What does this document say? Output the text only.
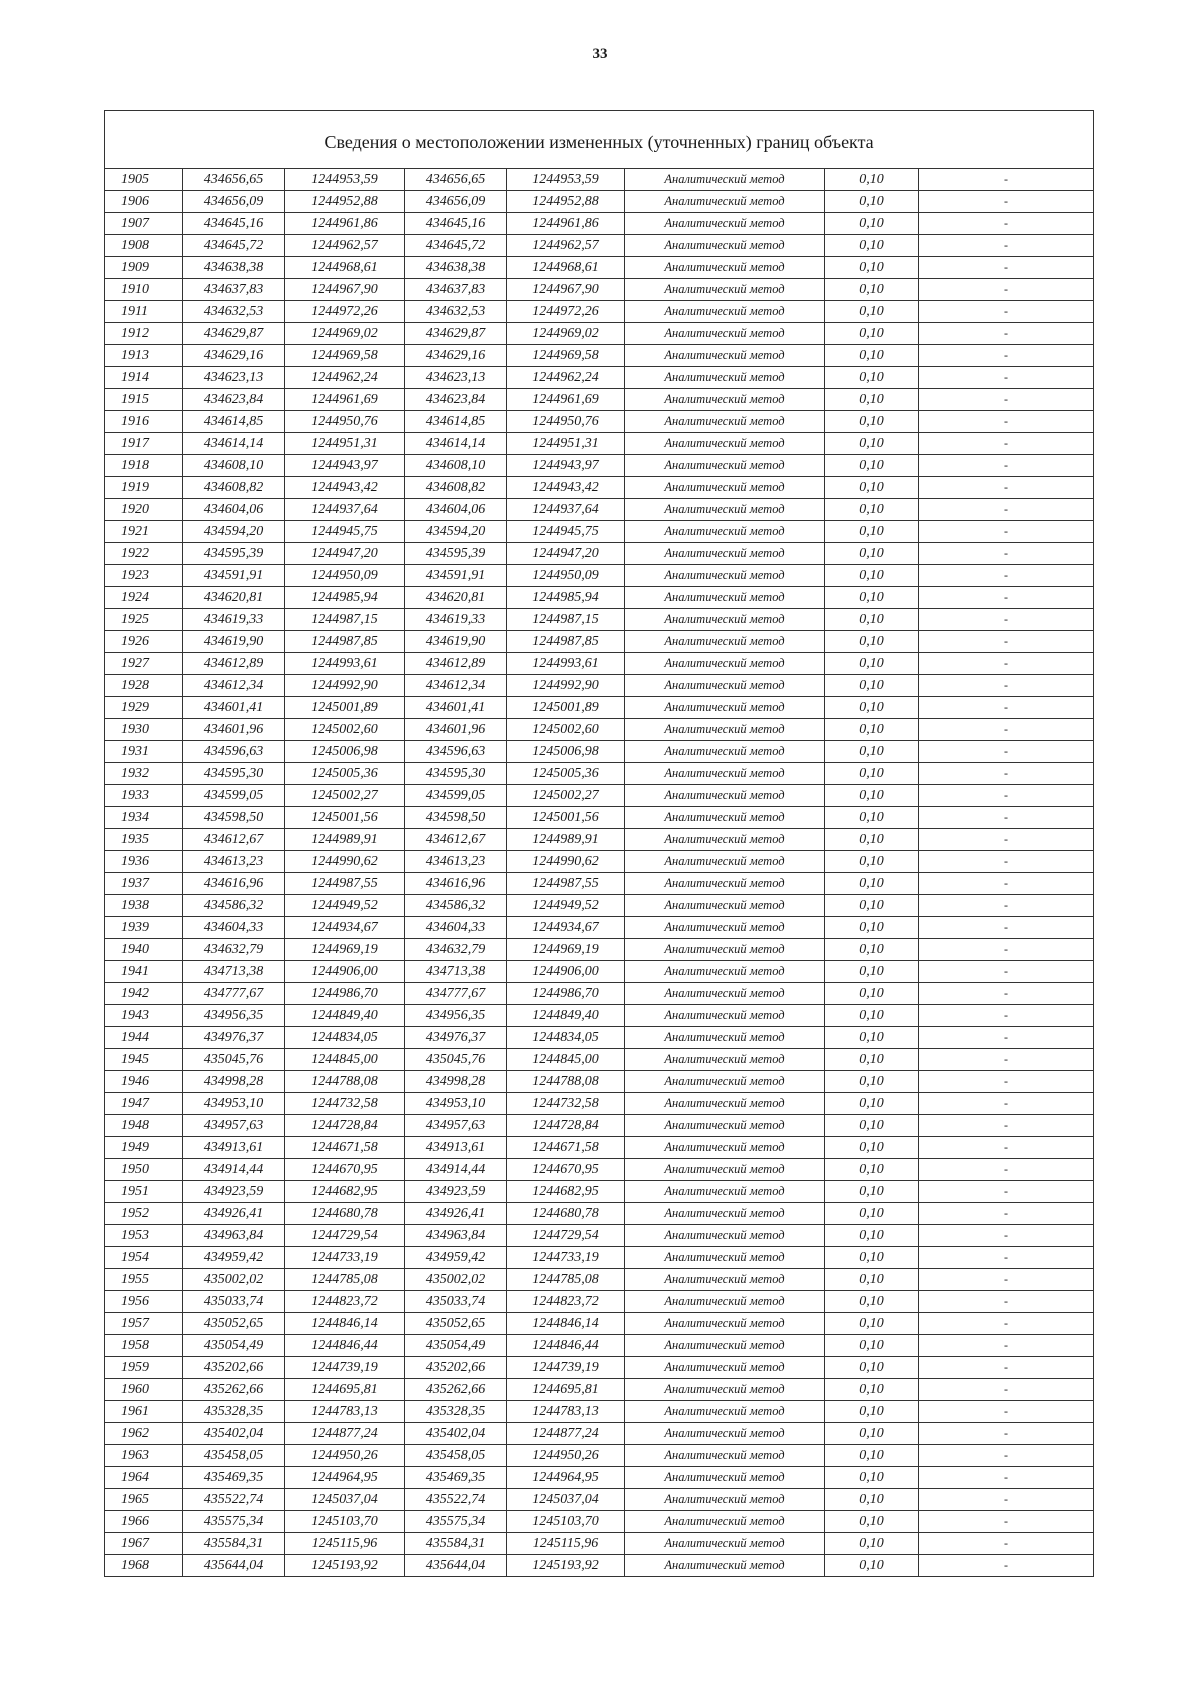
33
Сведения о местоположении измененных (уточненных) границ объекта							
1905	434656,65	1244953,59	434656,65	1244953,59	Аналитический метод	0,10	-
1906	434656,09	1244952,88	434656,09	1244952,88	Аналитический метод	0,10	-
1907	434645,16	1244961,86	434645,16	1244961,86	Аналитический метод	0,10	-
1908	434645,72	1244962,57	434645,72	1244962,57	Аналитический метод	0,10	-
1909	434638,38	1244968,61	434638,38	1244968,61	Аналитический метод	0,10	-
1910	434637,83	1244967,90	434637,83	1244967,90	Аналитический метод	0,10	-
1911	434632,53	1244972,26	434632,53	1244972,26	Аналитический метод	0,10	-
1912	434629,87	1244969,02	434629,87	1244969,02	Аналитический метод	0,10	-
1913	434629,16	1244969,58	434629,16	1244969,58	Аналитический метод	0,10	-
1914	434623,13	1244962,24	434623,13	1244962,24	Аналитический метод	0,10	-
1915	434623,84	1244961,69	434623,84	1244961,69	Аналитический метод	0,10	-
1916	434614,85	1244950,76	434614,85	1244950,76	Аналитический метод	0,10	-
1917	434614,14	1244951,31	434614,14	1244951,31	Аналитический метод	0,10	-
1918	434608,10	1244943,97	434608,10	1244943,97	Аналитический метод	0,10	-
1919	434608,82	1244943,42	434608,82	1244943,42	Аналитический метод	0,10	-
1920	434604,06	1244937,64	434604,06	1244937,64	Аналитический метод	0,10	-
1921	434594,20	1244945,75	434594,20	1244945,75	Аналитический метод	0,10	-
1922	434595,39	1244947,20	434595,39	1244947,20	Аналитический метод	0,10	-
1923	434591,91	1244950,09	434591,91	1244950,09	Аналитический метод	0,10	-
1924	434620,81	1244985,94	434620,81	1244985,94	Аналитический метод	0,10	-
1925	434619,33	1244987,15	434619,33	1244987,15	Аналитический метод	0,10	-
1926	434619,90	1244987,85	434619,90	1244987,85	Аналитический метод	0,10	-
1927	434612,89	1244993,61	434612,89	1244993,61	Аналитический метод	0,10	-
1928	434612,34	1244992,90	434612,34	1244992,90	Аналитический метод	0,10	-
1929	434601,41	1245001,89	434601,41	1245001,89	Аналитический метод	0,10	-
1930	434601,96	1245002,60	434601,96	1245002,60	Аналитический метод	0,10	-
1931	434596,63	1245006,98	434596,63	1245006,98	Аналитический метод	0,10	-
1932	434595,30	1245005,36	434595,30	1245005,36	Аналитический метод	0,10	-
1933	434599,05	1245002,27	434599,05	1245002,27	Аналитический метод	0,10	-
1934	434598,50	1245001,56	434598,50	1245001,56	Аналитический метод	0,10	-
1935	434612,67	1244989,91	434612,67	1244989,91	Аналитический метод	0,10	-
1936	434613,23	1244990,62	434613,23	1244990,62	Аналитический метод	0,10	-
1937	434616,96	1244987,55	434616,96	1244987,55	Аналитический метод	0,10	-
1938	434586,32	1244949,52	434586,32	1244949,52	Аналитический метод	0,10	-
1939	434604,33	1244934,67	434604,33	1244934,67	Аналитический метод	0,10	-
1940	434632,79	1244969,19	434632,79	1244969,19	Аналитический метод	0,10	-
1941	434713,38	1244906,00	434713,38	1244906,00	Аналитический метод	0,10	-
1942	434777,67	1244986,70	434777,67	1244986,70	Аналитический метод	0,10	-
1943	434956,35	1244849,40	434956,35	1244849,40	Аналитический метод	0,10	-
1944	434976,37	1244834,05	434976,37	1244834,05	Аналитический метод	0,10	-
1945	435045,76	1244845,00	435045,76	1244845,00	Аналитический метод	0,10	-
1946	434998,28	1244788,08	434998,28	1244788,08	Аналитический метод	0,10	-
1947	434953,10	1244732,58	434953,10	1244732,58	Аналитический метод	0,10	-
1948	434957,63	1244728,84	434957,63	1244728,84	Аналитический метод	0,10	-
1949	434913,61	1244671,58	434913,61	1244671,58	Аналитический метод	0,10	-
1950	434914,44	1244670,95	434914,44	1244670,95	Аналитический метод	0,10	-
1951	434923,59	1244682,95	434923,59	1244682,95	Аналитический метод	0,10	-
1952	434926,41	1244680,78	434926,41	1244680,78	Аналитический метод	0,10	-
1953	434963,84	1244729,54	434963,84	1244729,54	Аналитический метод	0,10	-
1954	434959,42	1244733,19	434959,42	1244733,19	Аналитический метод	0,10	-
1955	435002,02	1244785,08	435002,02	1244785,08	Аналитический метод	0,10	-
1956	435033,74	1244823,72	435033,74	1244823,72	Аналитический метод	0,10	-
1957	435052,65	1244846,14	435052,65	1244846,14	Аналитический метод	0,10	-
1958	435054,49	1244846,44	435054,49	1244846,44	Аналитический метод	0,10	-
1959	435202,66	1244739,19	435202,66	1244739,19	Аналитический метод	0,10	-
1960	435262,66	1244695,81	435262,66	1244695,81	Аналитический метод	0,10	-
1961	435328,35	1244783,13	435328,35	1244783,13	Аналитический метод	0,10	-
1962	435402,04	1244877,24	435402,04	1244877,24	Аналитический метод	0,10	-
1963	435458,05	1244950,26	435458,05	1244950,26	Аналитический метод	0,10	-
1964	435469,35	1244964,95	435469,35	1244964,95	Аналитический метод	0,10	-
1965	435522,74	1245037,04	435522,74	1245037,04	Аналитический метод	0,10	-
1966	435575,34	1245103,70	435575,34	1245103,70	Аналитический метод	0,10	-
1967	435584,31	1245115,96	435584,31	1245115,96	Аналитический метод	0,10	-
1968	435644,04	1245193,92	435644,04	1245193,92	Аналитический метод	0,10	-
